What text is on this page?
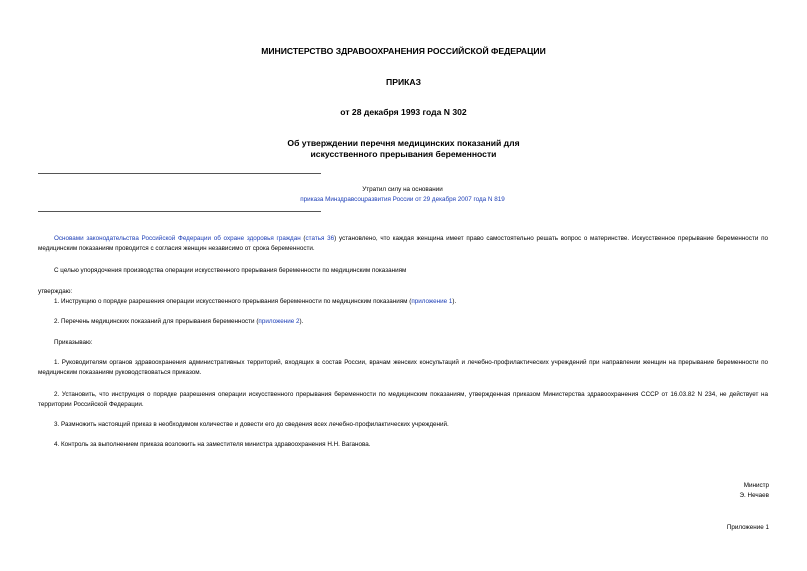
МИНИСТЕРСТВО ЗДРАВООХРАНЕНИЯ РОССИЙСКОЙ ФЕДЕРАЦИИ
ПРИКАЗ
от 28 декабря 1993 года N 302
Об утверждении перечня медицинских показаний для
искусственного прерывания беременности
Утратил силу на основании
приказа Минздравсоцразвития России от 29 декабря 2007 года N 819
Основами законодательства Российской Федерации об охране здоровья граждан (статья 36) установлено, что каждая женщина имеет право самостоятельно решать вопрос о материнстве. Искусственное прерывание беременности по медицинским показаниям проводится с согласия женщин независимо от срока беременности.
С целью упорядочения производства операции искусственного прерывания беременности по медицинским показаниям
утверждаю:
1. Инструкцию о порядке разрешения операции искусственного прерывания беременности по медицинским показаниям (приложение 1).
2. Перечень медицинских показаний для прерывания беременности (приложение 2).
Приказываю:
1. Руководителям органов здравоохранения административных территорий, входящих в состав России, врачам женских консультаций и лечебно-профилактических учреждений при направлении женщин на прерывание беременности по медицинским показаниям руководствоваться приказом.
2. Установить, что инструкция о порядке разрешения операции искусственного прерывания беременности по медицинским показаниям, утвержденная приказом Министерства здравоохранения СССР от 16.03.82 N 234, не действует на территории Российской Федерации.
3. Размножить настоящий приказ в необходимом количестве и довести его до сведения всех лечебно-профилактических учреждений.
4. Контроль за выполнением приказа возложить на заместителя министра здравоохранения Н.Н. Ваганова.
Министр
Э. Нечаев
Приложение 1
